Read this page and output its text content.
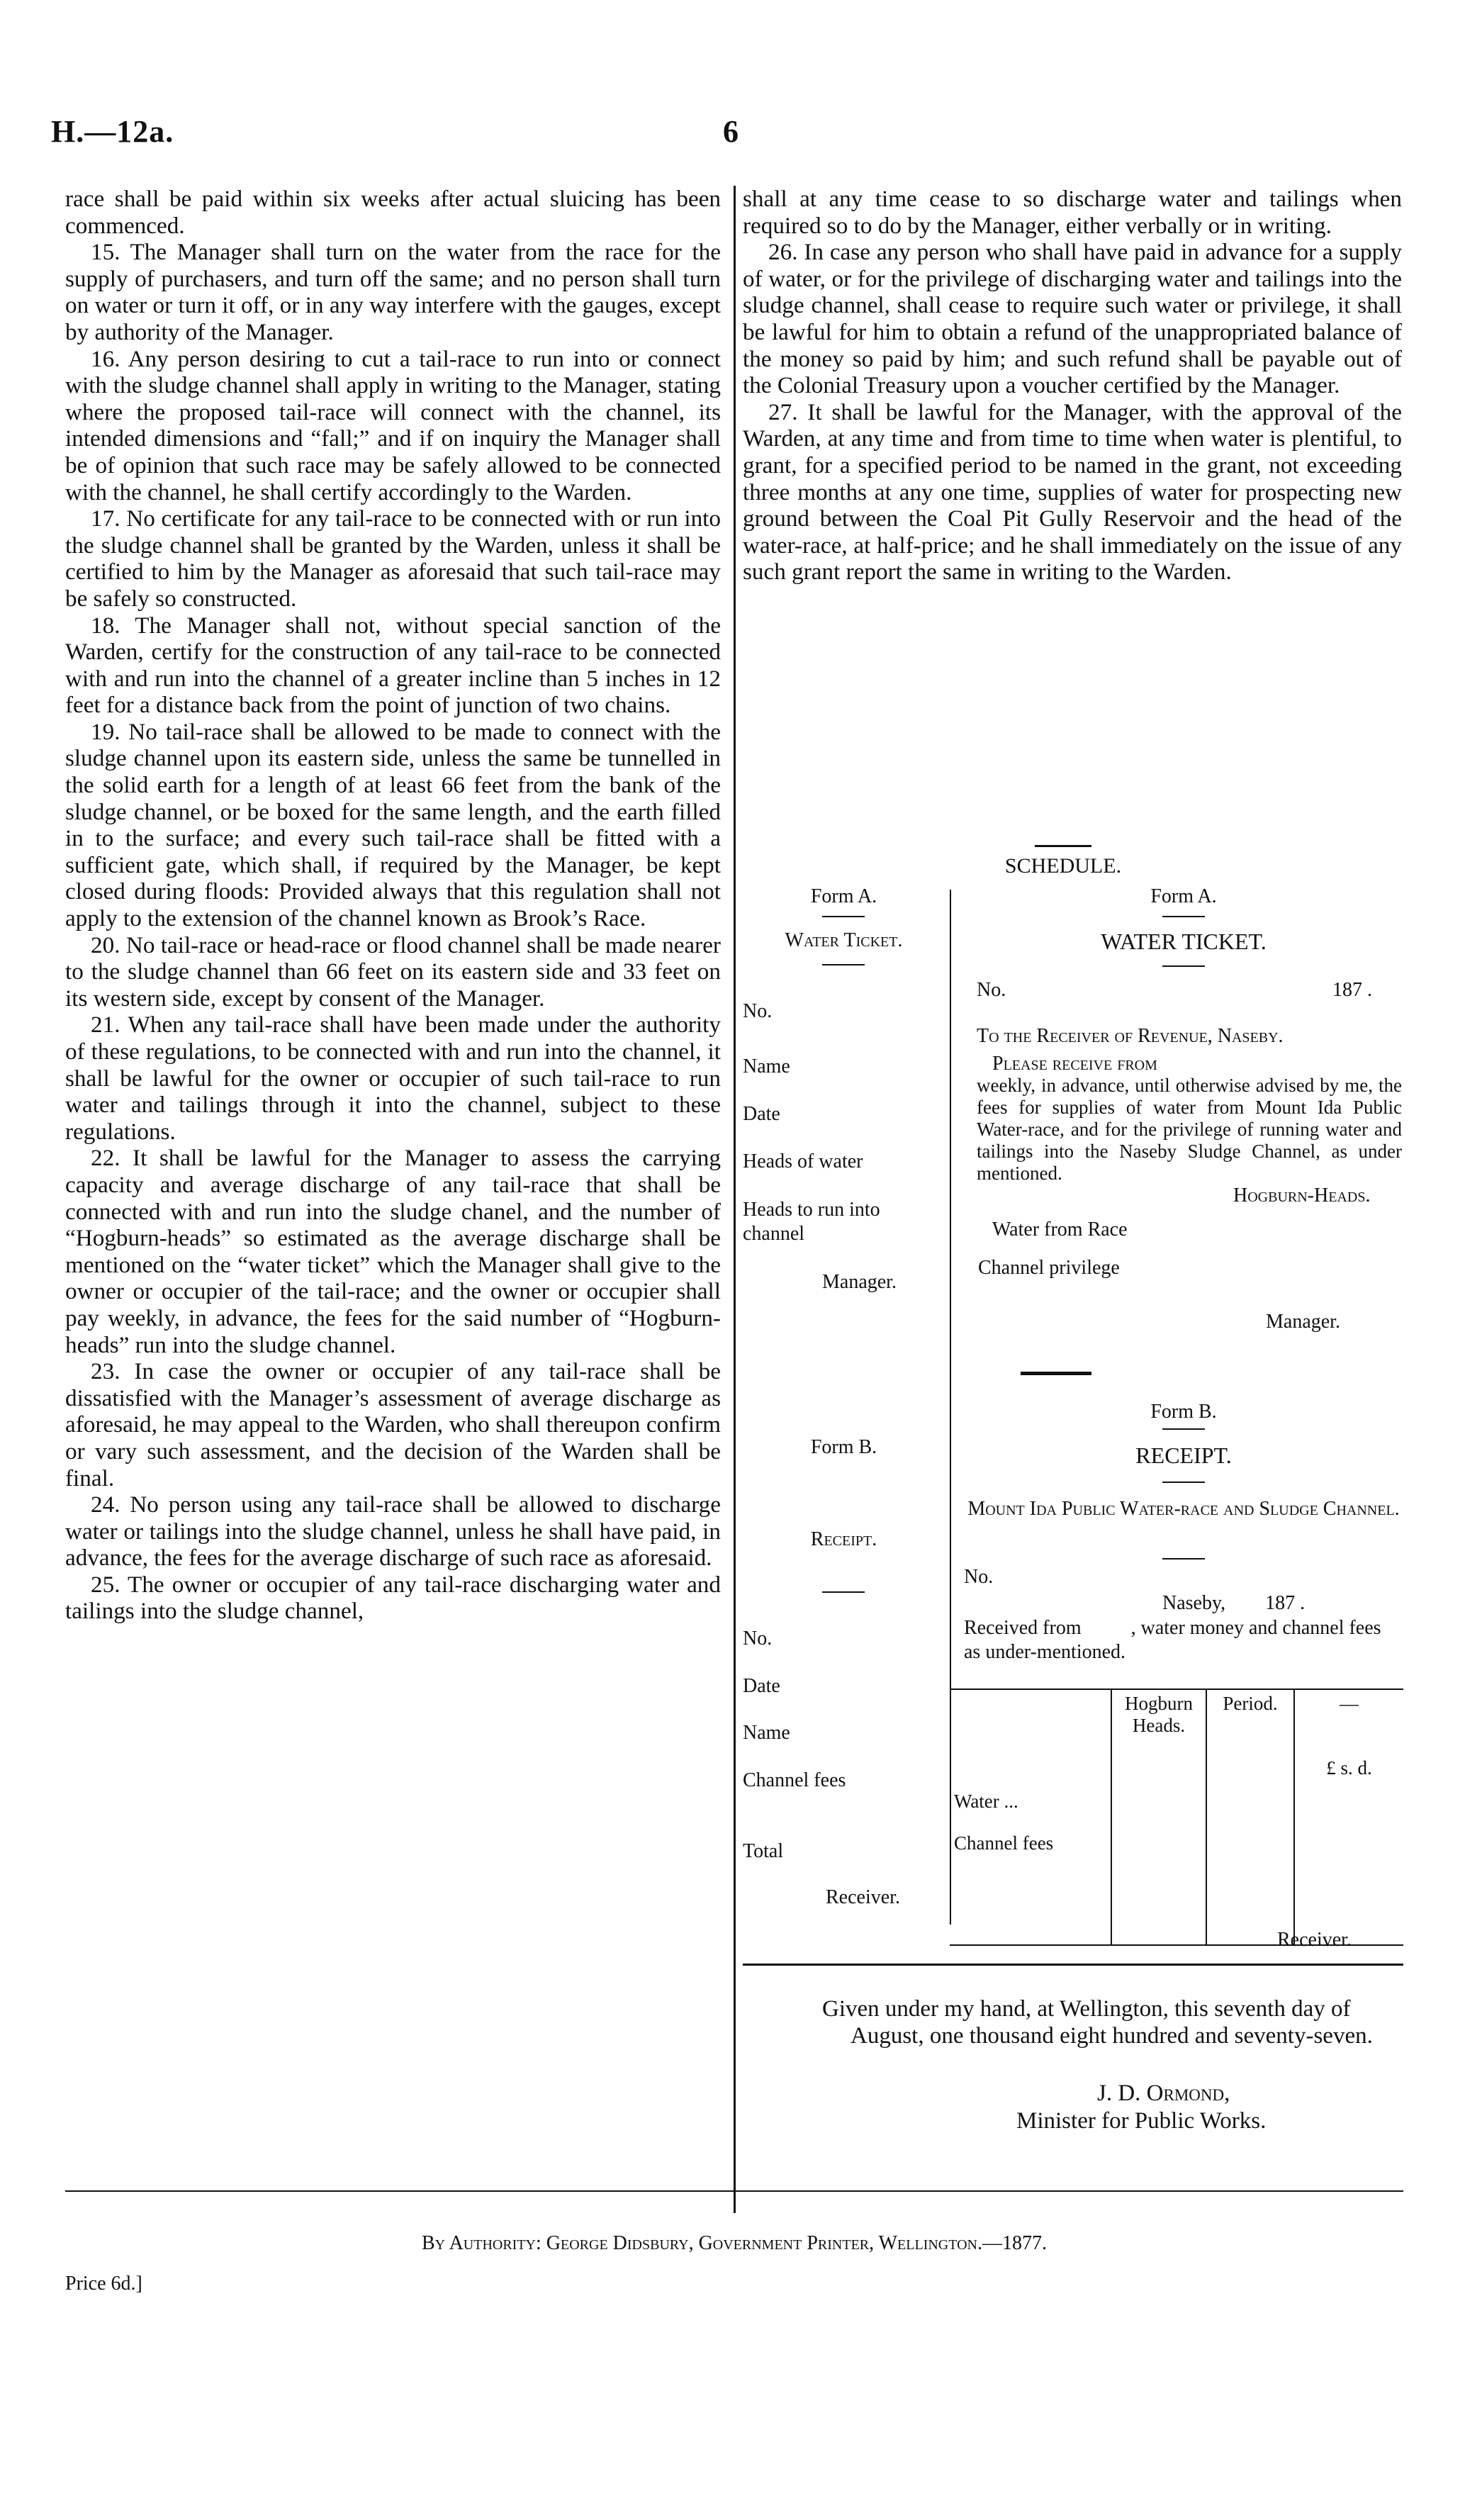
H.—12a.	6

race shall be paid within six weeks after actual sluicing has been commenced.

15. The Manager shall turn on the water from the race for the supply of purchasers, and turn off the same; and no person shall turn on water or turn it off, or in any way interfere with the gauges, except by authority of the Manager.

16. Any person desiring to cut a tail-race to run into or connect with the sludge channel shall apply in writing to the Manager, stating where the proposed tail-race will connect with the channel, its intended dimensions and “fall;” and if on inquiry the Manager shall be of opinion that such race may be safely allowed to be connected with the channel, he shall certify accordingly to the Warden.

17. No certificate for any tail-race to be connected with or run into the sludge channel shall be granted by the Warden, unless it shall be certified to him by the Manager as aforesaid that such tail-race may be safely so constructed.

18. The Manager shall not, without special sanction of the Warden, certify for the construction of any tail-race to be connected with and run into the channel of a greater incline than 5 inches in 12 feet for a distance back from the point of junction of two chains.

19. No tail-race shall be allowed to be made to connect with the sludge channel upon its eastern side, unless the same be tunnelled in the solid earth for a length of at least 66 feet from the bank of the sludge channel, or be boxed for the same length, and the earth filled in to the surface; and every such tail-race shall be fitted with a sufficient gate, which shall, if required by the Manager, be kept closed during floods: Provided always that this regulation shall not apply to the extension of the channel known as Brook’s Race.

20. No tail-race or head-race or flood channel shall be made nearer to the sludge channel than 66 feet on its eastern side and 33 feet on its western side, except by consent of the Manager.

21. When any tail-race shall have been made under the authority of these regulations, to be connected with and run into the channel, it shall be lawful for the owner or occupier of such tail-race to run water and tailings through it into the channel, subject to these regulations.

22. It shall be lawful for the Manager to assess the carrying capacity and average discharge of any tail-race that shall be connected with and run into the sludge chanel, and the number of “Hogburn-heads” so estimated as the average discharge shall be mentioned on the “water ticket” which the Manager shall give to the owner or occupier of the tail-race; and the owner or occupier shall pay weekly, in advance, the fees for the said number of “Hogburn-heads” run into the sludge channel.

23. In case the owner or occupier of any tail-race shall be dissatisfied with the Manager’s assessment of average discharge as aforesaid, he may appeal to the Warden, who shall thereupon confirm or vary such assessment, and the decision of the Warden shall be final.

24. No person using any tail-race shall be allowed to discharge water or tailings into the sludge channel, unless he shall have paid, in advance, the fees for the average discharge of such race as aforesaid.

25. The owner or occupier of any tail-race discharging water and tailings into the sludge channel,

shall at any time cease to so discharge water and tailings when required so to do by the Manager, either verbally or in writing.

26. In case any person who shall have paid in advance for a supply of water, or for the privilege of discharging water and tailings into the sludge channel, shall cease to require such water or privilege, it shall be lawful for him to obtain a refund of the unappropriated balance of the money so paid by him; and such refund shall be payable out of the Colonial Treasury upon a voucher certified by the Manager.

27. It shall be lawful for the Manager, with the approval of the Warden, at any time and from time to time when water is plentiful, to grant, for a specified period to be named in the grant, not exceeding three months at any one time, supplies of water for prospecting new ground between the Coal Pit Gully Reservoir and the head of the water-race, at half-price; and he shall immediately on the issue of any such grant report the same in writing to the Warden.

SCHEDULE.
Form A.
Water Ticket.
No.
Name
Date
Heads of water
Heads to run into channel
Manager.
Form A.
WATER TICKET.
No.	187 .
To the Receiver of Revenue, Naseby.
Please receive from
weekly, in advance, until otherwise advised by me, the fees for supplies of water from Mount Ida Public Water-race, and for the privilege of running water and tailings into the Naseby Sludge Channel, as under mentioned.
Hogburn-Heads.
Water from Race
Channel privilege
Manager.
Form B.
Receipt.
No.
Date
Name
Channel fees
Total
Receiver.
Form B.
RECEIPT.
Mount Ida Public Water-race and Sludge Channel.
No.
Naseby,        187 .
Received from          , water money and channel fees as under-mentioned.
	Hogburn Heads.	Period.	—
£ s. d.

Water ...
Channel fees			

Receiver.
Given under my hand, at Wellington, this seventh day of August, one thousand eight hundred and seventy-seven.
J. D. Ormond,
Minister for Public Works.
By Authority: George Didsbury, Government Printer, Wellington.—1877.
Price 6d.]
